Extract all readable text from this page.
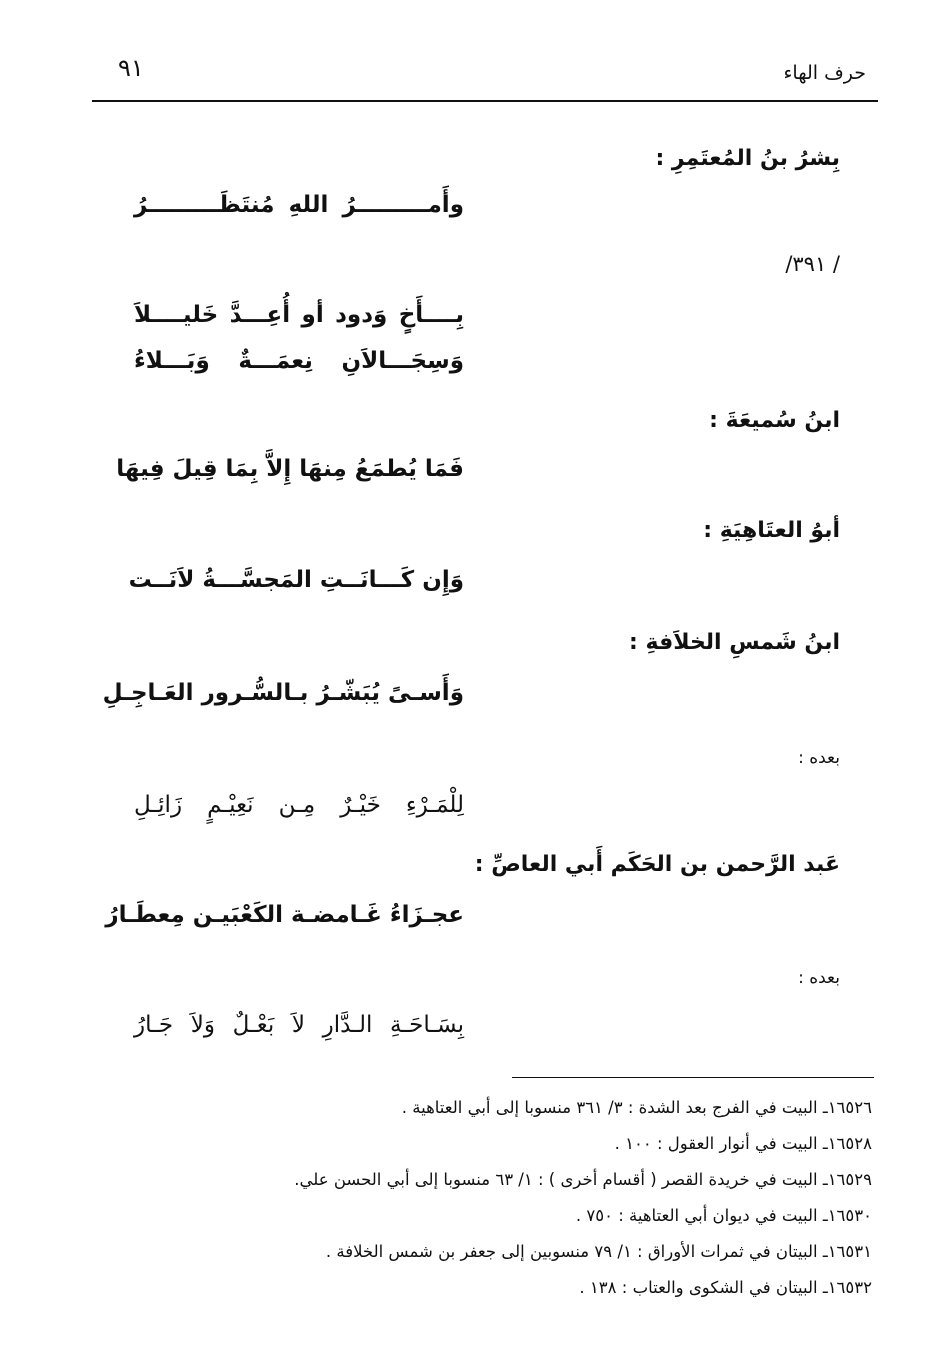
حرف الهاء
٩١
بِشرُ بنُ المُعتَمِرِ :
وأَمـــــــــرُ اللهِ مُنتَظَـــــــــرُ
/ ٣٩١/
بِــــأَخٍ وَدود أو أُعِـــدَّ خَليــــلاَ
وَسِجَـــالاَنِ نِعمَـــةٌ وَبَـــلاءُ
ابنُ سُميعَةَ :
فَمَا يُطمَعُ مِنهَا إِلاَّ بِمَا قِيلَ فِيهَا
أبوُ العتَاهِيَةِ :
وَإِن كَـــانَــتِ المَجسَّـــةُ لاَنَــت
ابنُ شَمسِ الخلاَفةِ :
وَأَسـىً يُبَشّـرُ بـالسُّـرور العَـاجِـلِ
بعده :
لِلْمَـرْءِ خَيْـرٌ مِـن نَعِيْـمٍ زَائِـلِ
عَبد الرَّحمن بن الحَكَم أَبي العاصِّ :
عجـزَاءُ غَـامضـة الكَعْبَيـن مِعطَـارُ
بعده :
بِسَـاحَـةِ الـدَّارِ لاَ بَعْـلٌ وَلاَ جَـارُ
١٦٥٢٦ـ البيت في الفرج بعد الشدة : ٣/ ٣٦١ منسوبا إلى أبي العتاهية .
١٦٥٢٨ـ البيت في أنوار العقول : ١٠٠ .
١٦٥٢٩ـ البيت في خريدة القصر ( أقسام أخرى ) : ١/ ٦٣ منسوبا إلى أبي الحسن علي.
١٦٥٣٠ـ البيت في ديوان أبي العتاهية : ٧٥٠ .
١٦٥٣١ـ البيتان في ثمرات الأوراق : ١/ ٧٩ منسوبين إلى جعفر بن شمس الخلافة .
١٦٥٣٢ـ البيتان في الشكوى والعتاب : ١٣٨ .
